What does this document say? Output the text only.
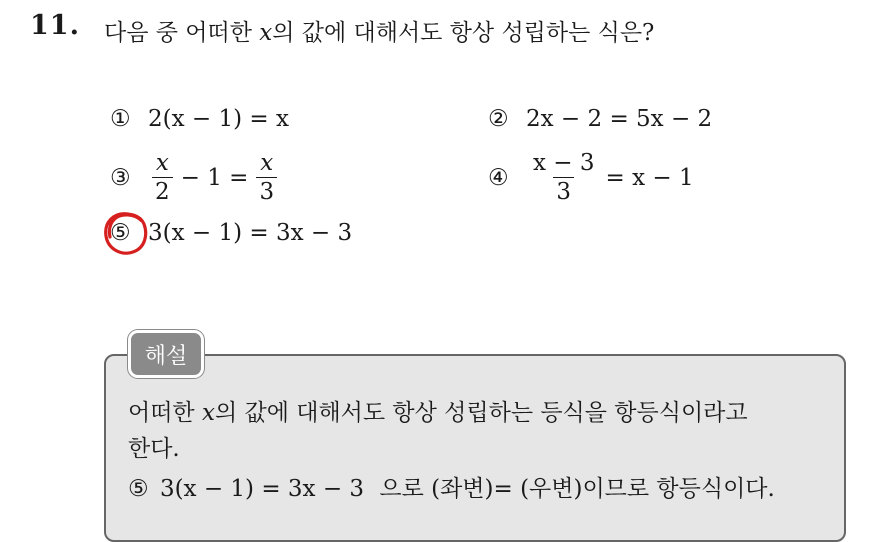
11. 다음 중 어떠한 x의 값에 대해서도 항상 성립하는 식은?
① 2(x − 1) = x	② 2x − 2 = 5x − 2
③ $\frac{x}{2} - 1 = \frac{x}{3}$	④ $\frac{x - 3}{3} = x - 1$
⑤ 3(x − 1) = 3x − 3
해설
어떠한 x의 값에 대해서도 항상 성립하는 등식을 항등식이라고
한다.
⑤ 3(x − 1) = 3x − 3 으로 (좌변)= (우변)이므로 항등식이다.
